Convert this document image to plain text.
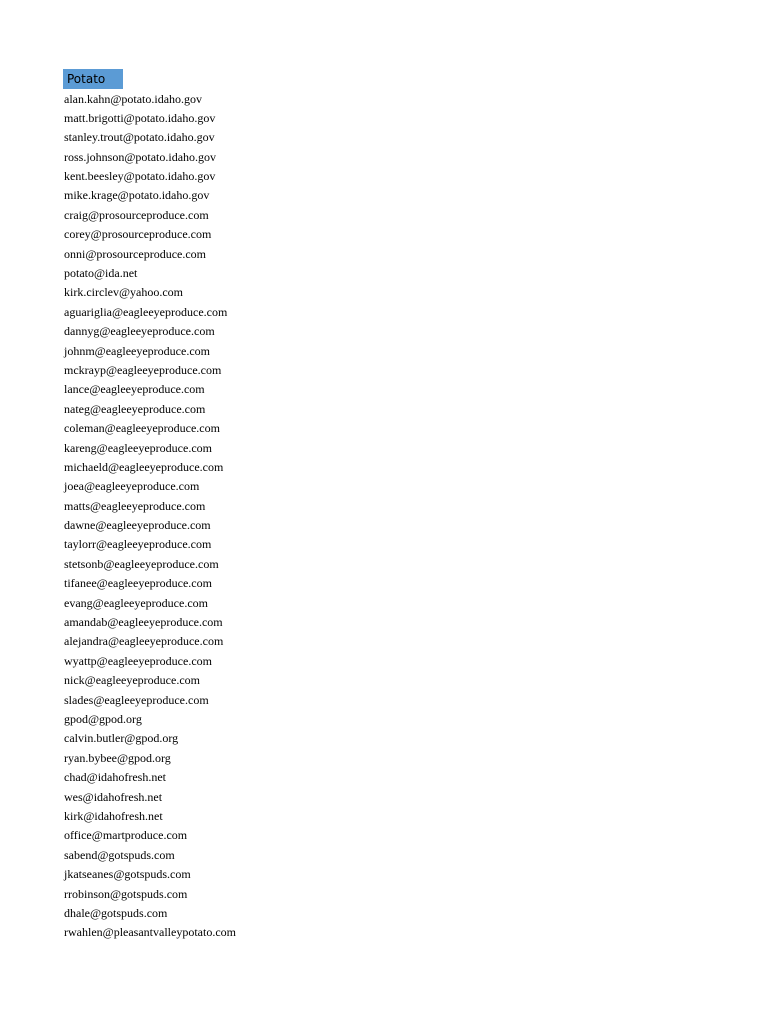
Potato
alan.kahn@potato.idaho.gov
matt.brigotti@potato.idaho.gov
stanley.trout@potato.idaho.gov
ross.johnson@potato.idaho.gov
kent.beesley@potato.idaho.gov
mike.krage@potato.idaho.gov
craig@prosourceproduce.com
corey@prosourceproduce.com
onni@prosourceproduce.com
potato@ida.net
kirk.circlev@yahoo.com
aguariglia@eagleeyeproduce.com
dannyg@eagleeyeproduce.com
johnm@eagleeyeproduce.com
mckrayp@eagleeyeproduce.com
lance@eagleeyeproduce.com
nateg@eagleeyeproduce.com
coleman@eagleeyeproduce.com
kareng@eagleeyeproduce.com
michaeld@eagleeyeproduce.com
joea@eagleeyeproduce.com
matts@eagleeyeproduce.com
dawne@eagleeyeproduce.com
taylorr@eagleeyeproduce.com
stetsonb@eagleeyeproduce.com
tifanee@eagleeyeproduce.com
evang@eagleeyeproduce.com
amandab@eagleeyeproduce.com
alejandra@eagleeyeproduce.com
wyattp@eagleeyeproduce.com
nick@eagleeyeproduce.com
slades@eagleeyeproduce.com
gpod@gpod.org
calvin.butler@gpod.org
ryan.bybee@gpod.org
chad@idahofresh.net
wes@idahofresh.net
kirk@idahofresh.net
office@martproduce.com
sabend@gotspuds.com
jkatseanes@gotspuds.com
rrobinson@gotspuds.com
dhale@gotspuds.com
rwahlen@pleasantvalleypotato.com
